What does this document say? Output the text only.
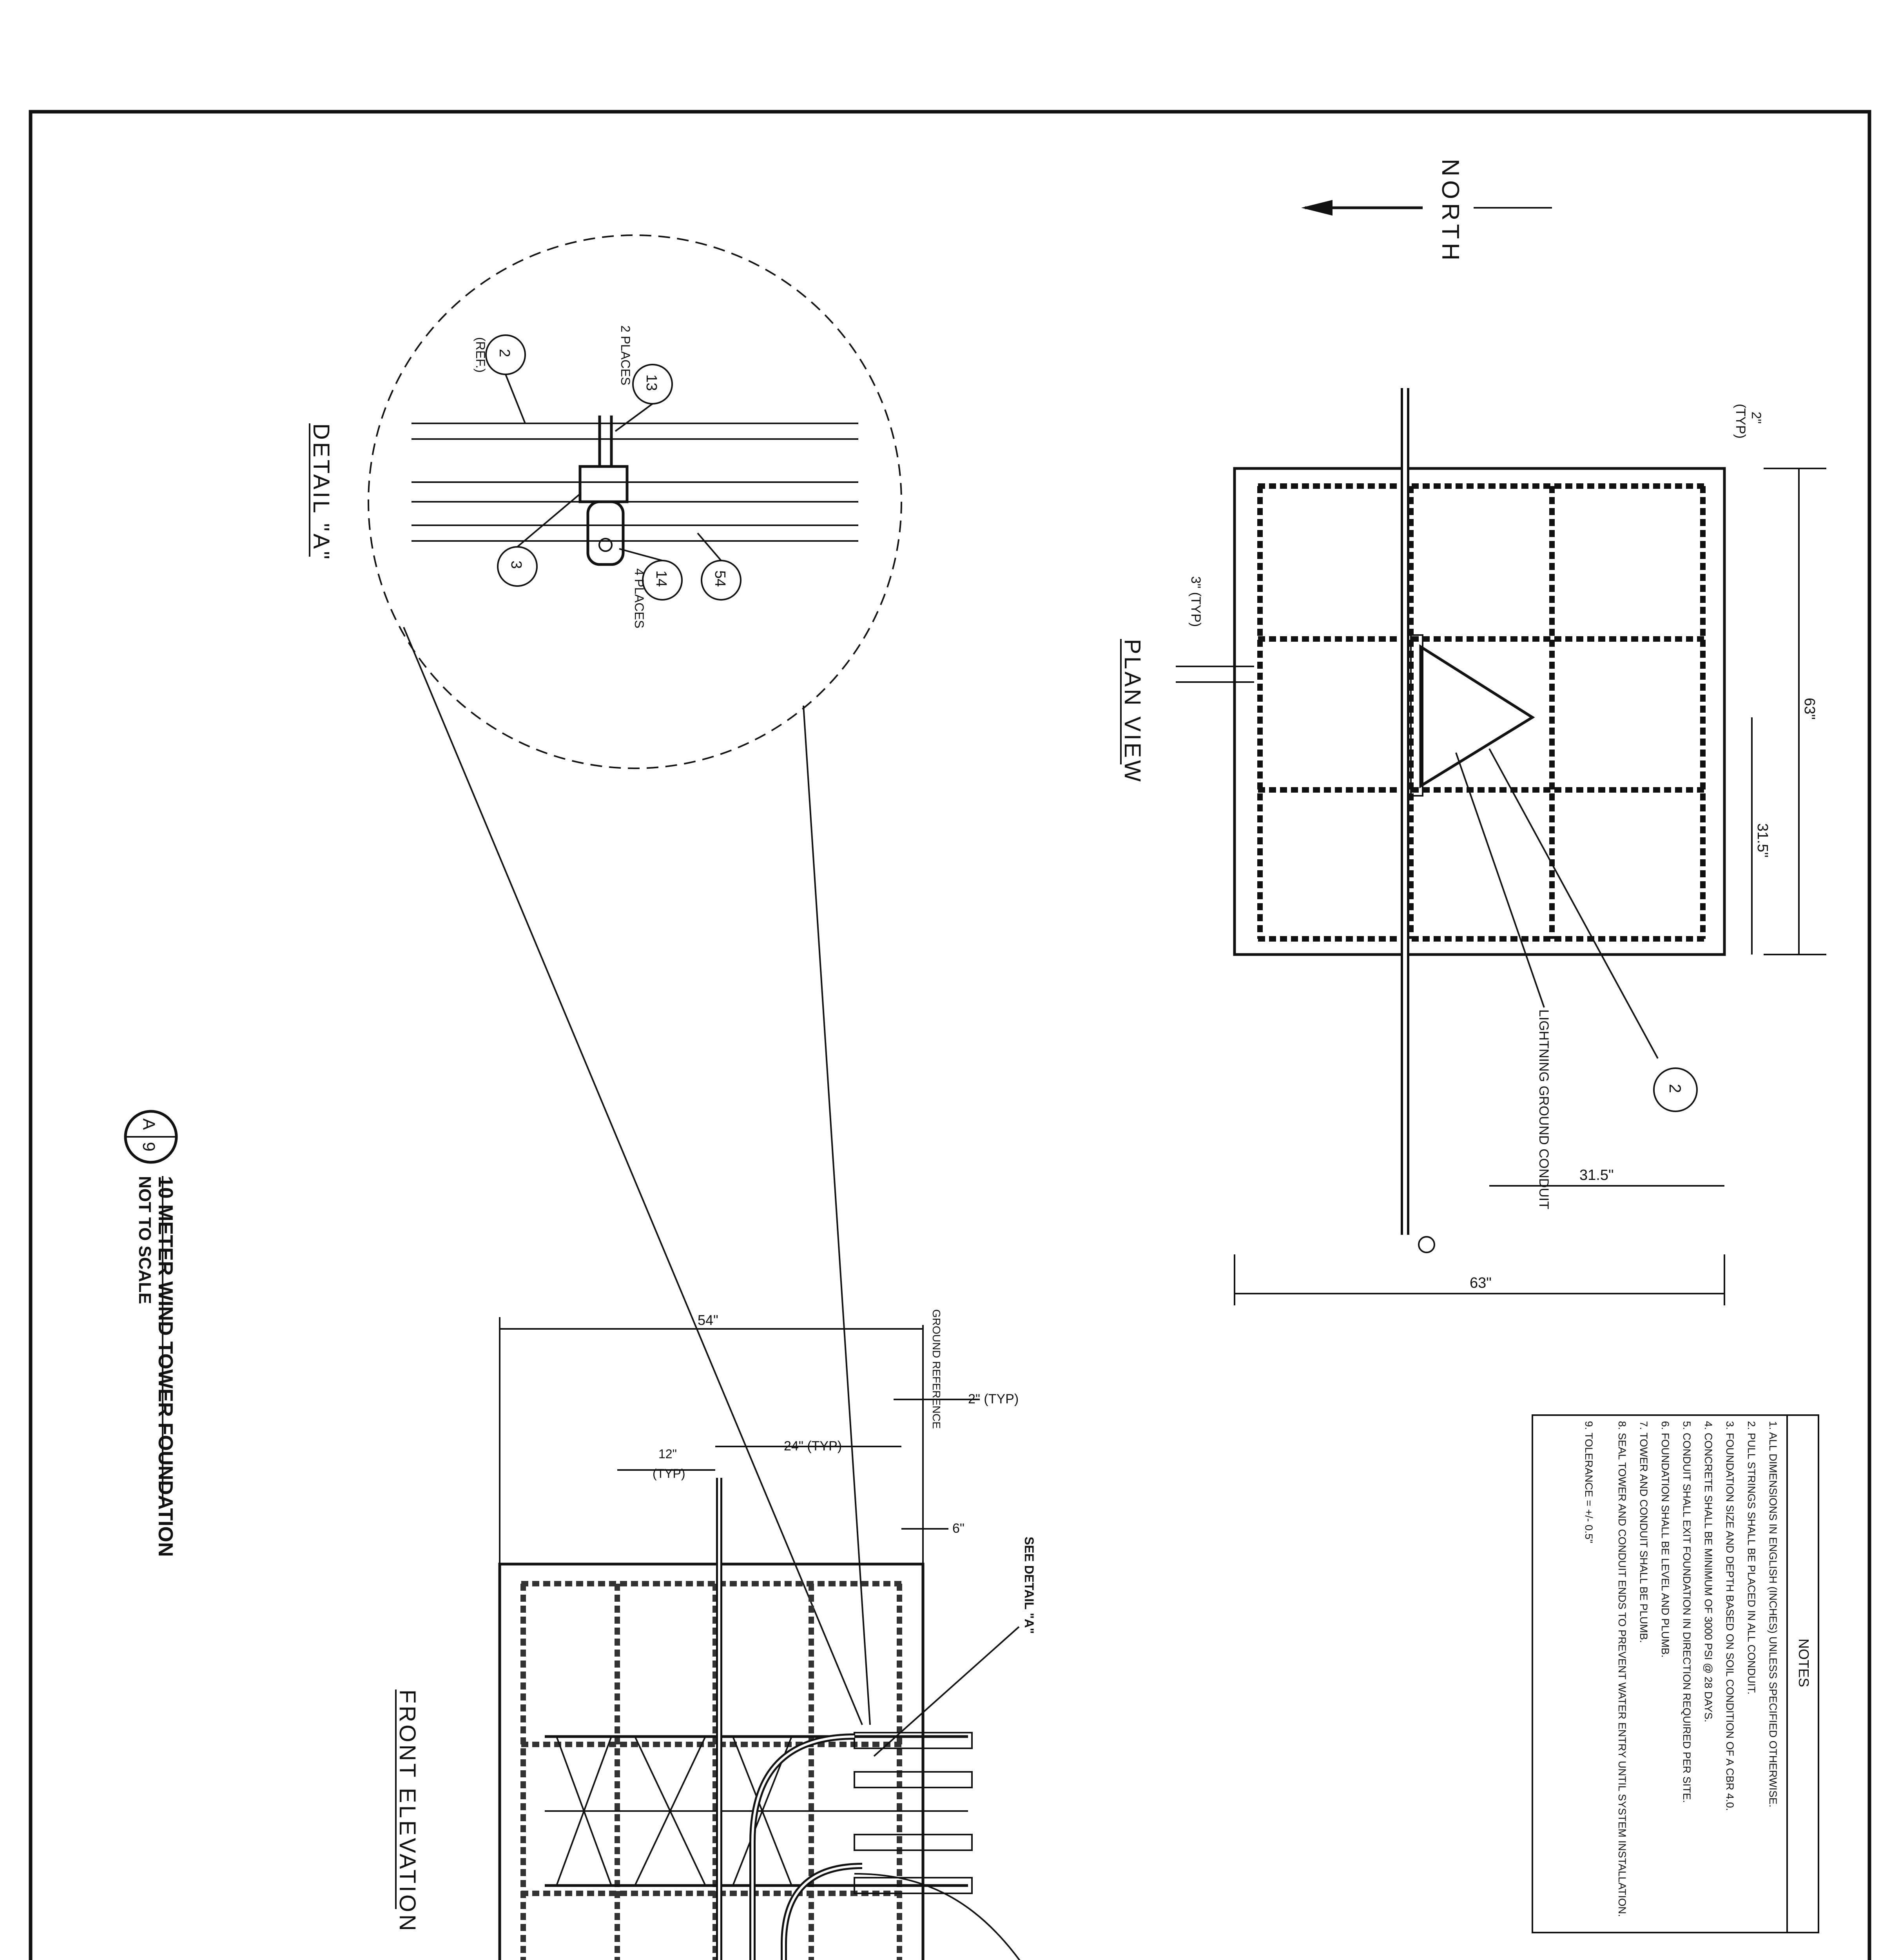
NORTH
2
LIGHTNING GROUND CONDUIT
63"
31.5"
63"
31.5"
2"
(TYP)
3" (TYP)
PLAN VIEW
2
13
3
14	54
2 PLACES
(REF.)
4 PLACES
DETAIL "A"
A
9
10 METER WIND TOWER FOUNDATION
NOT TO SCALE
54"	GROUND REFERENCE 2" (TYP)
24" (TYP)
12"
(TYP)
6"
SEE DETAIL "A"
FRONT ELEVATION
NOTES
1. ALL DIMENSIONS IN ENGLISH (INCHES) UNLESS SPECIFIED OTHERWISE.
2. PULL STRINGS SHALL BE PLACED IN ALL CONDUIT.
3. FOUNDATION SIZE AND DEPTH BASED ON SOIL CONDITION OF A CBR 4.0.
4. CONCRETE SHALL BE MINIMUM OF 3000 PSI @ 28 DAYS.
5. CONDUIT SHALL EXIT FOUNDATION IN DIRECTION REQUIRED PER SITE.
6. FOUNDATION SHALL BE LEVEL AND PLUMB.
7. TOWER AND CONDUIT SHALL BE PLUMB.
8. SEAL TOWER AND CONDUIT ENDS TO PREVENT WATER ENTRY UNTIL SYSTEM INSTALLATION.
9. TOLERANCE = +/- 0.5"
